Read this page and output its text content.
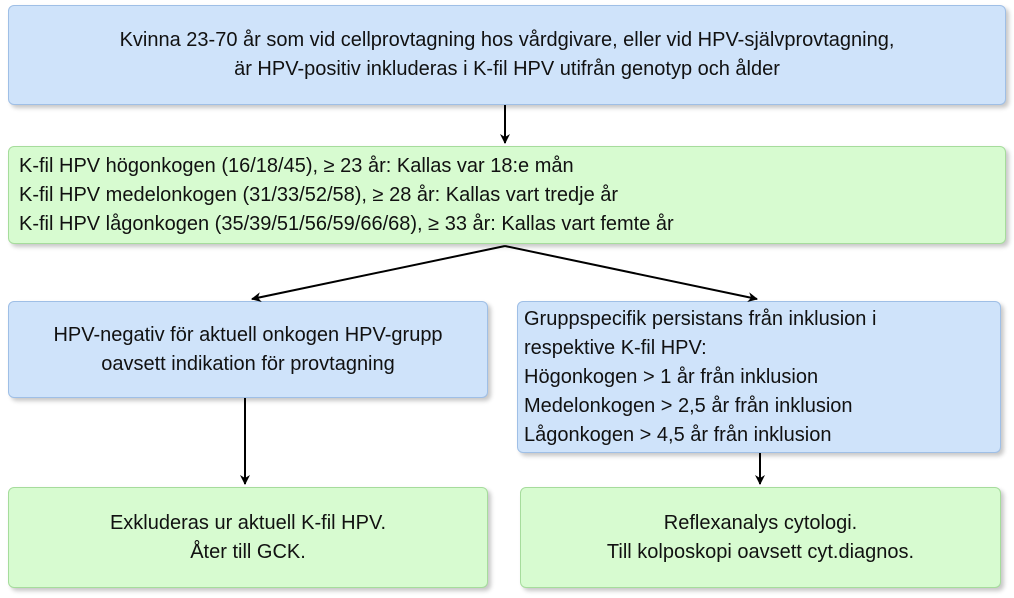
Kvinna 23-70 år som vid cellprovtagning hos vårdgivare, eller vid HPV-självprovtagning,
är HPV-positiv inkluderas i K-fil HPV utifrån genotyp och ålder
K-fil HPV högonkogen (16/18/45), ≥ 23 år: Kallas var 18:e mån
K-fil HPV medelonkogen (31/33/52/58), ≥ 28 år: Kallas vart tredje år
K-fil HPV lågonkogen (35/39/51/56/59/66/68), ≥ 33 år: Kallas vart femte år
HPV-negativ för aktuell onkogen HPV-grupp
oavsett indikation för provtagning
Gruppspecifik persistans från inklusion i
respektive K-fil HPV:
Högonkogen > 1 år från inklusion
Medelonkogen > 2,5 år från inklusion
Lågonkogen > 4,5 år från inklusion
Exkluderas ur aktuell K-fil HPV.
Åter till GCK.
Reflexanalys cytologi.
Till kolposkopi oavsett cyt.diagnos.
